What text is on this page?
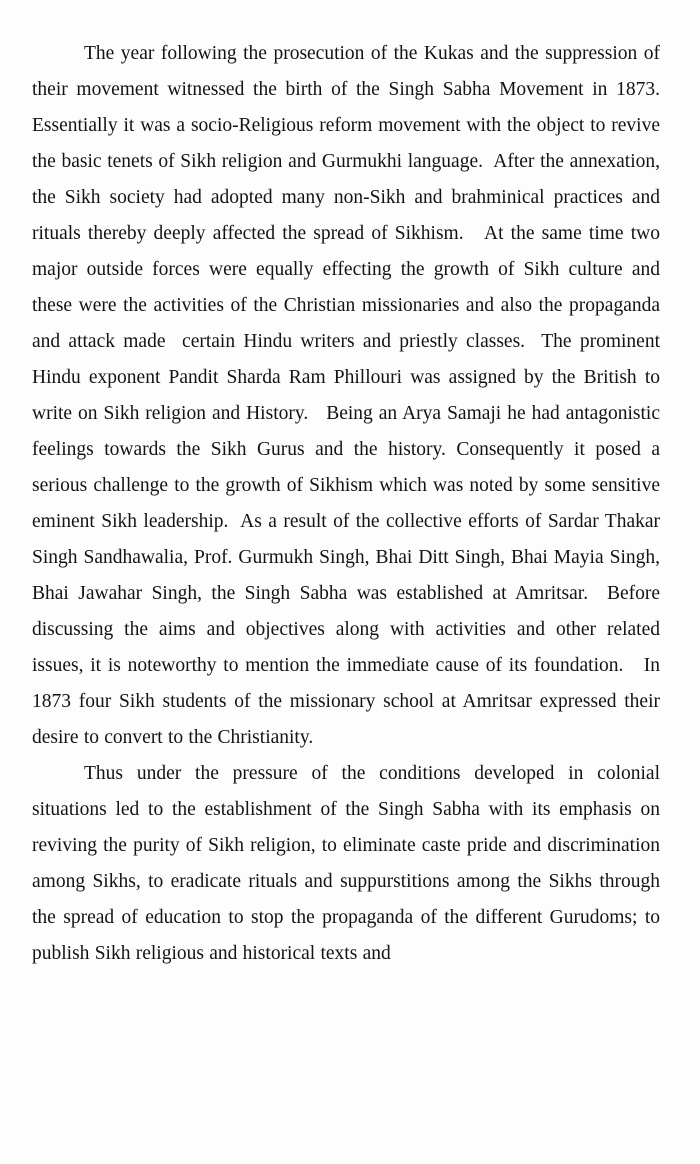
The year following the prosecution of the Kukas and the suppression of their movement witnessed the birth of the Singh Sabha Movement in 1873.    Essentially it was a socio-Religious reform movement with the object to revive the basic tenets of Sikh religion and Gurmukhi language.  After the annexation, the Sikh society had adopted many non-Sikh and brahminical practices and rituals thereby deeply affected the spread of Sikhism.   At the same time two major outside forces were equally effecting the growth of Sikh culture and these were the activities of the Christian missionaries and also the propaganda and attack made  certain Hindu writers and priestly classes.  The prominent Hindu exponent Pandit Sharda Ram Phillouri was assigned by the British to write on Sikh religion and History.   Being an Arya Samaji he had antagonistic feelings towards the Sikh Gurus and the history. Consequently it posed a serious challenge to the growth of Sikhism which was noted by some sensitive eminent Sikh leadership.  As a result of the collective efforts of Sardar Thakar Singh Sandhawalia, Prof. Gurmukh Singh, Bhai Ditt Singh, Bhai Mayia Singh, Bhai Jawahar Singh, the Singh Sabha was established at Amritsar.  Before discussing the aims and objectives along with activities and other related issues, it is noteworthy to mention the immediate cause of its foundation.   In 1873 four Sikh students of the missionary school at Amritsar expressed their desire to convert to the Christianity.

Thus under the pressure of the conditions developed in colonial situations led to the establishment of the Singh Sabha with its emphasis on reviving the purity of Sikh religion, to eliminate caste pride and discrimination among Sikhs, to eradicate rituals and suppurstitions among the Sikhs through the spread of education to stop the propaganda of the different Gurudoms; to publish Sikh religious and historical texts and
